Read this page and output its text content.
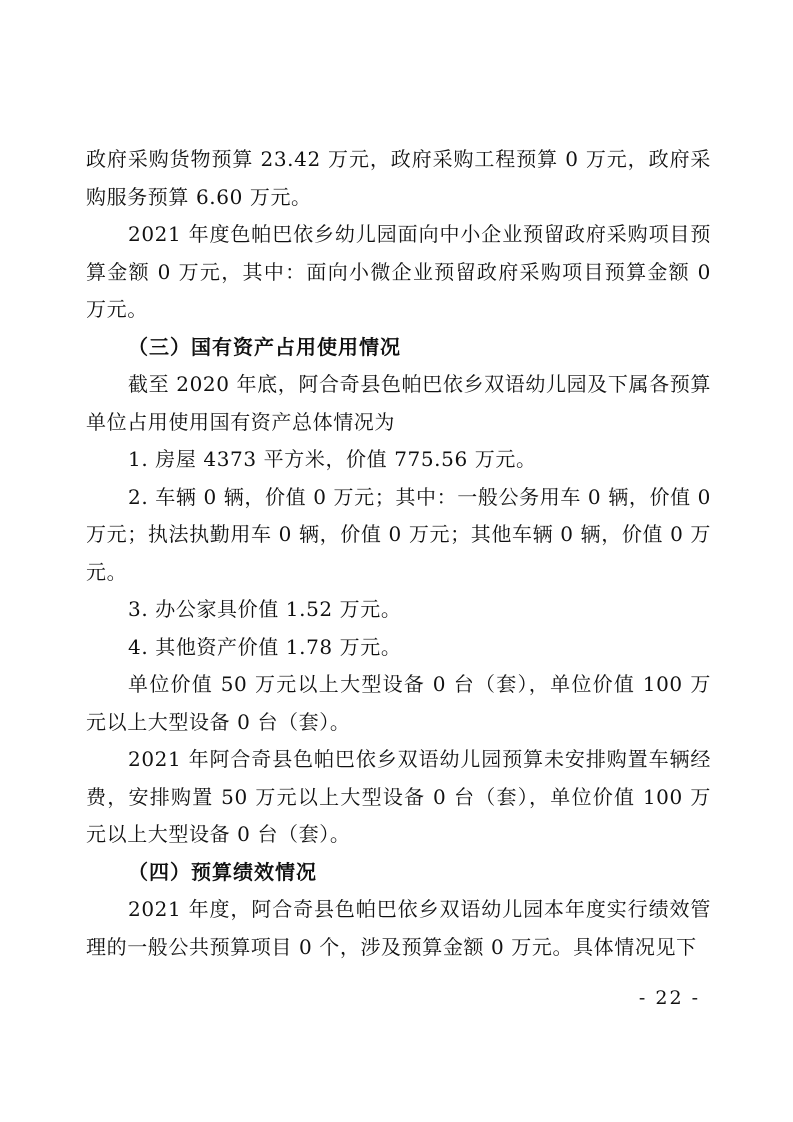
政府采购货物预算 23.42 万元，政府采购工程预算 0 万元，政府采购服务预算 6.60 万元。

2021 年度色帕巴依乡幼儿园面向中小企业预留政府采购项目预算金额 0 万元，其中：面向小微企业预留政府采购项目预算金额 0 万元。

（三）国有资产占用使用情况

截至 2020 年底，阿合奇县色帕巴依乡双语幼儿园及下属各预算单位占用使用国有资产总体情况为

1. 房屋 4373 平方米，价值 775.56 万元。

2. 车辆 0 辆，价值 0 万元；其中：一般公务用车 0 辆，价值 0 万元；执法执勤用车 0 辆，价值 0 万元；其他车辆 0 辆，价值 0 万元。

3. 办公家具价值 1.52 万元。

4. 其他资产价值 1.78 万元。

单位价值 50 万元以上大型设备 0 台（套），单位价值 100 万元以上大型设备 0 台（套）。

2021 年阿合奇县色帕巴依乡双语幼儿园预算未安排购置车辆经费，安排购置 50 万元以上大型设备 0 台（套），单位价值 100 万元以上大型设备 0 台（套）。

（四）预算绩效情况

2021 年度，阿合奇县色帕巴依乡双语幼儿园本年度实行绩效管理的一般公共预算项目 0 个，涉及预算金额 0 万元。具体情况见下

- 22 -
